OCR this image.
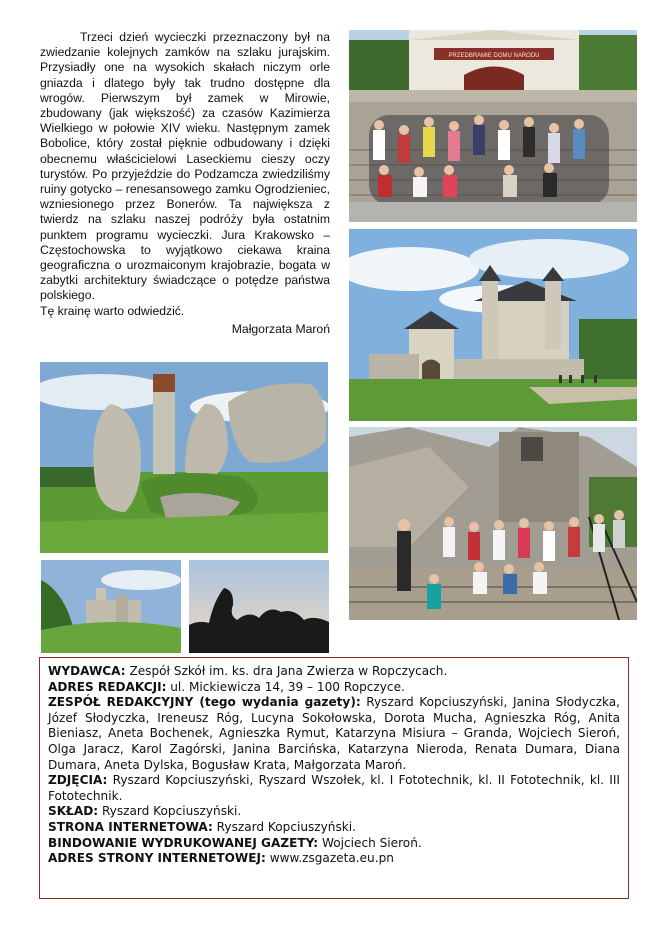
Trzeci dzień wycieczki przeznaczony był na zwiedzanie kolejnych zamków na szlaku jurajskim. Przysiadły one na wysokich skałach niczym orle gniazda i dlatego były tak trudno dostępne dla wrogów. Pierwszym był zamek w Mirowie, zbudowany (jak większość) za czasów Kazimierza Wielkiego w połowie XIV wieku. Następnym zamek Bobolice, który został pięknie odbudowany i dzięki obecnemu właścicielowi Laseckiemu cieszy oczy turystów. Po przyjeździe do Podzamcza zwiedziliśmy ruiny gotycko – renesansowego zamku Ogrodzieniec, wzniesionego przez Bonerów. Ta największa z twierdz na szlaku naszej podróży była ostatnim punktem programu wycieczki. Jura Krakowsko – Częstochowska to wyjątkowo ciekawa kraina geograficzna o urozmaiconym krajobrazie, bogata w zabytki architektury świadczące o potędze państwa polskiego.

Tę krainę warto odwiedzić.

Małgorzata Maroń
PRZEDBRAMIE DOMU NARODU
WYDAWCA: Zespół Szkół im. ks. dra Jana Zwierza w Ropczycach.
ADRES REDAKCJI: ul. Mickiewicza 14, 39 – 100 Ropczyce.
ZESPÓŁ REDAKCYJNY (tego wydania gazety): Ryszard Kopciuszyński, Janina Słodyczka, Józef Słodyczka, Ireneusz Róg, Lucyna Sokołowska, Dorota Mucha, Agnieszka Róg, Anita Bieniasz, Aneta Bochenek, Agnieszka Rymut, Katarzyna Misiura – Granda, Wojciech Sieroń, Olga Jaracz, Karol Zagórski, Janina Barcińska, Katarzyna Nieroda, Renata Dumara, Diana Dumara, Aneta Dylska, Bogusław Krata, Małgorzata Maroń.
ZDJĘCIA: Ryszard Kopciuszyński, Ryszard Wszołek, kl. I Fototechnik, kl. II Fototechnik, kl. III Fototechnik.
SKŁAD: Ryszard Kopciuszyński.
STRONA INTERNETOWA: Ryszard Kopciuszyński.
BINDOWANIE WYDRUKOWANEJ GAZETY: Wojciech Sieroń.
ADRES STRONY INTERNETOWEJ: www.zsgazeta.eu.pn
